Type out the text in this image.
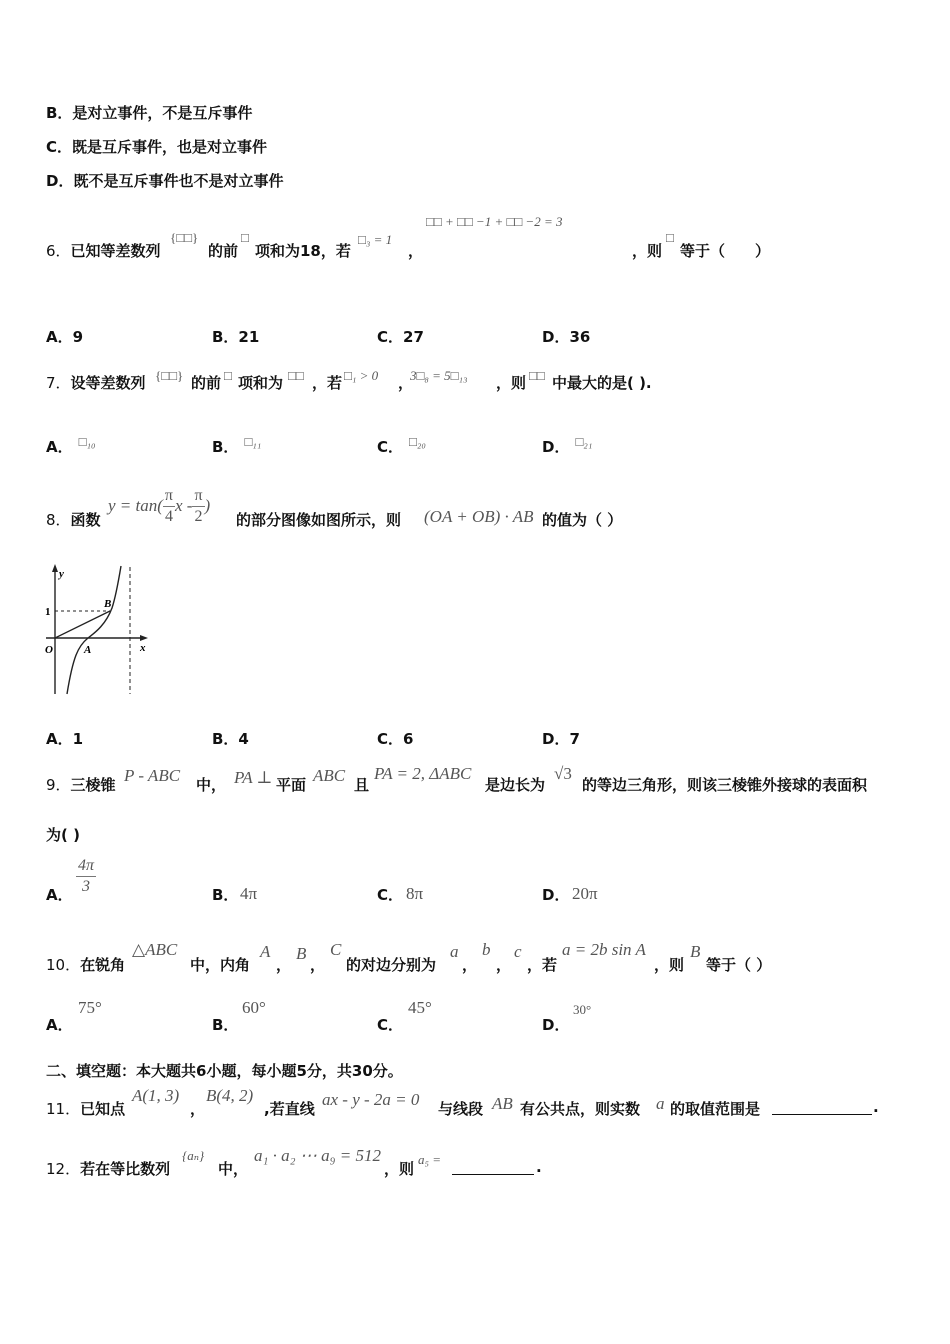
B．是对立事件，不是互斥事件
C．既是互斥事件，也是对立事件
D．既不是互斥事件也不是对立事件
6．已知等差数列
{□□}
的前
□
项和为18，若
□₃ = 1
，
□□ + □□ −1 + □□ −2 = 3
，则
□
等于（　　）
A．9	B．21	C．27	D．36
7．设等差数列 {□□} 的前 □ 项和为 □□ ，若 □₁ > 0 ，
3□₈ = 5□₁₃ ，则 □□ 中最大的是( ).
A． □₁₀	B． □₁₁	C． □₂₀	D． □₂₁
8．函数
$y = \tan( \frac{\pi}{4}$ x - $\frac{\pi}{2}$ )
的部分图像如图所示，则 (OA + OB) · AB 的值为（ ）
y
x
1
O	A
B
A．1	B．4	C．6	D．7
9．三棱锥 P - ABC 中， PA ⊥ 平面 ABC 且
PA = 2, ΔABC
是边长为
√3
的等边三角形，则该三棱锥外接球的表面积
为( )
A． $\frac{4\pi}{3}$	B． 4π	C． 8π	D． 20π
10．在锐角
△ABC
中，内角
A
，
B
，
C
的对边分别为
a
，
b
，
c
，若
a = 2b sin A
，则
B
等于（ ）
A．
75°
B．
60°
C．
45°
D．
30°
二、填空题：本大题共6小题，每小题5分，共30分。
11．已知点
A(1, 3)
，
B(4, 2)
,若直线 ax - y - 2a = 0 与线段 AB 有公共点，则实数 a 的取值范围是	.
12．若在等比数列
{aₙ}
中，
a₁ · a₂ ⋯ a₉ = 512
，则
a₅ =	.
